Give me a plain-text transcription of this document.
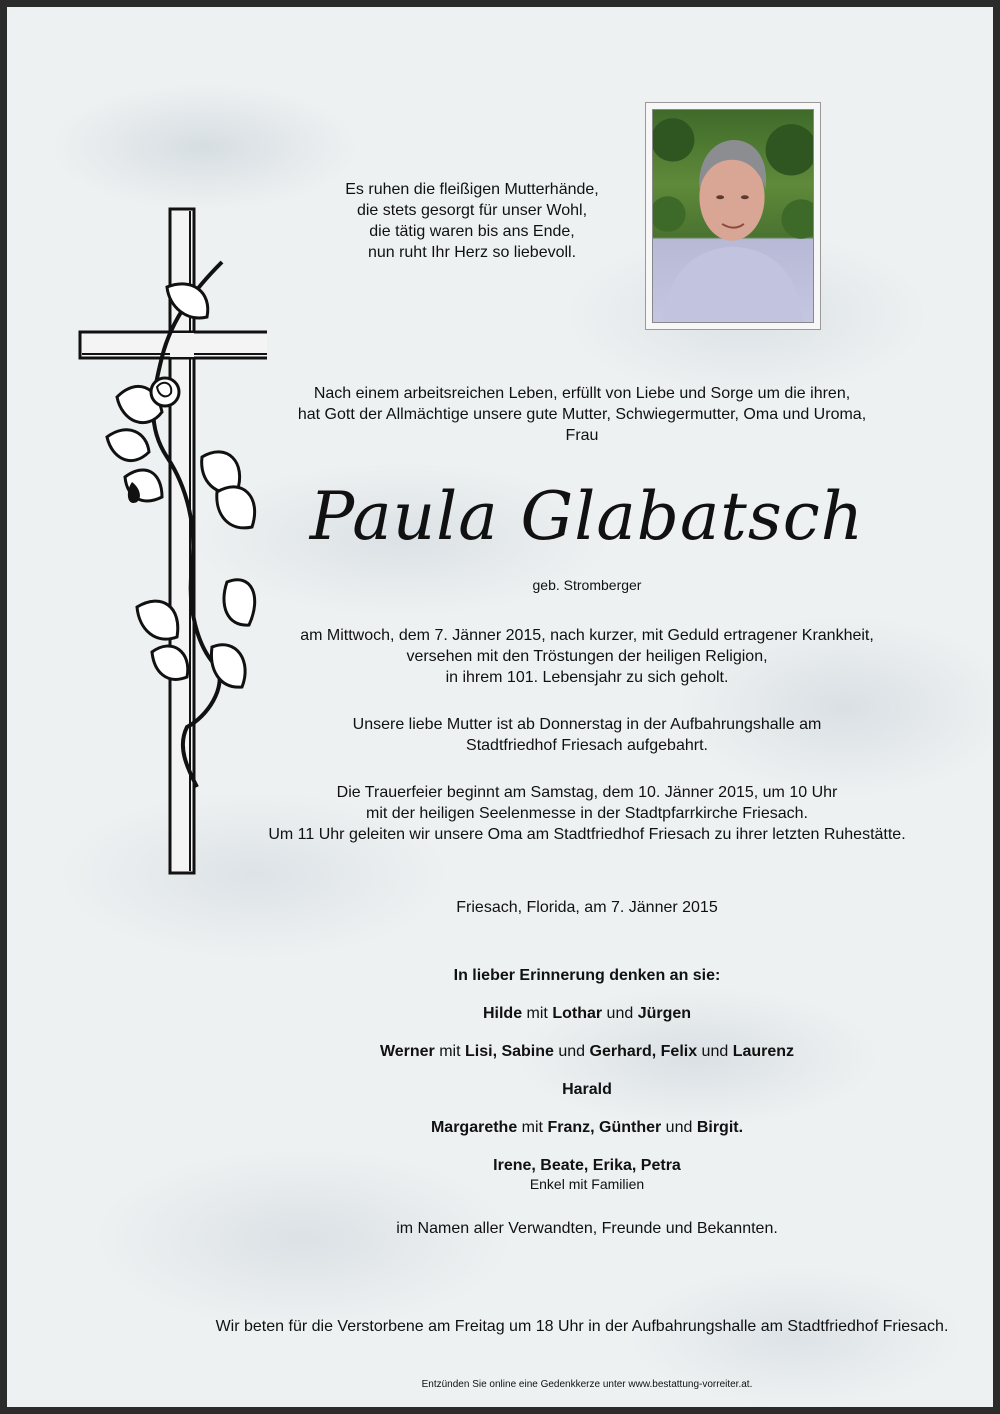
Es ruhen die fleißigen Mutterhände,
die stets gesorgt für unser Wohl,
die tätig waren bis ans Ende,
nun ruht Ihr Herz so liebevoll.
Nach einem arbeitsreichen Leben, erfüllt von Liebe und Sorge um die ihren,
hat Gott der Allmächtige unsere gute Mutter, Schwiegermutter, Oma und Uroma,
Frau
Paula Glabatsch
geb. Stromberger
am Mittwoch, dem 7. Jänner 2015, nach kurzer, mit Geduld ertragener Krankheit,
versehen mit den Tröstungen der heiligen Religion,
in ihrem 101. Lebensjahr zu sich geholt.
Unsere liebe Mutter ist ab Donnerstag in der Aufbahrungshalle am
Stadtfriedhof Friesach aufgebahrt.
Die Trauerfeier beginnt am Samstag, dem 10. Jänner 2015, um 10 Uhr
mit der heiligen Seelenmesse in der Stadtpfarrkirche Friesach.
Um 11 Uhr geleiten wir unsere Oma am Stadtfriedhof Friesach zu ihrer letzten Ruhestätte.
Friesach, Florida, am 7. Jänner 2015
In lieber Erinnerung denken an sie:
Hilde mit Lothar und Jürgen
Werner mit Lisi, Sabine und Gerhard, Felix und Laurenz
Harald
Margarethe mit Franz, Günther und Birgit.
Irene, Beate, Erika, Petra
Enkel mit Familien
im Namen aller Verwandten, Freunde und Bekannten.
Wir beten für die Verstorbene am Freitag um 18 Uhr in der Aufbahrungshalle am Stadtfriedhof Friesach.
Entzünden Sie online eine Gedenkkerze unter www.bestattung-vorreiter.at.
